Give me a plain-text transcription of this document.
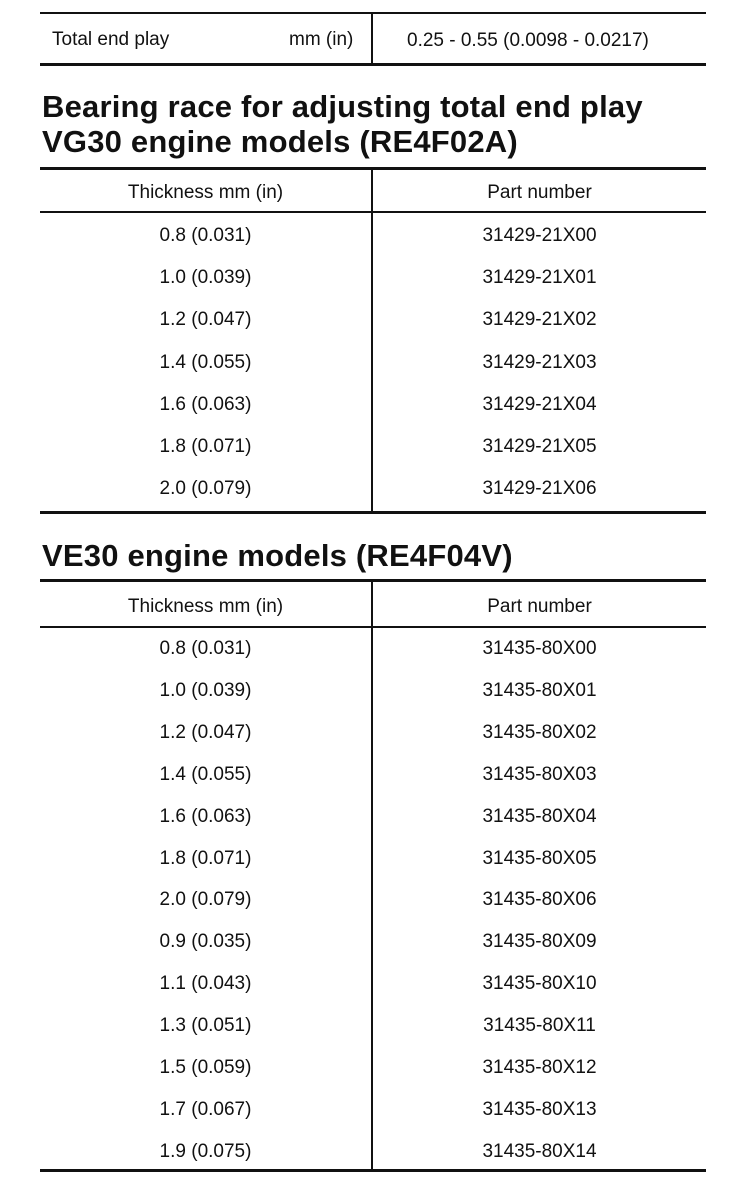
Total end play	mm (in)	0.25 - 0.55 (0.0098 - 0.0217)
Bearing race for adjusting total end play
VG30 engine models (RE4F02A)
Thickness mm (in)	Part number
0.8 (0.031)	31429-21X00
1.0 (0.039)	31429-21X01
1.2 (0.047)	31429-21X02
1.4 (0.055)	31429-21X03
1.6 (0.063)	31429-21X04
1.8 (0.071)	31429-21X05
2.0 (0.079)	31429-21X06
VE30 engine models (RE4F04V)
Thickness mm (in)	Part number
0.8 (0.031)	31435-80X00
1.0 (0.039)	31435-80X01
1.2 (0.047)	31435-80X02
1.4 (0.055)	31435-80X03
1.6 (0.063)	31435-80X04
1.8 (0.071)	31435-80X05
2.0 (0.079)	31435-80X06
0.9 (0.035)	31435-80X09
1.1 (0.043)	31435-80X10
1.3 (0.051)	31435-80X11
1.5 (0.059)	31435-80X12
1.7 (0.067)	31435-80X13
1.9 (0.075)	31435-80X14
